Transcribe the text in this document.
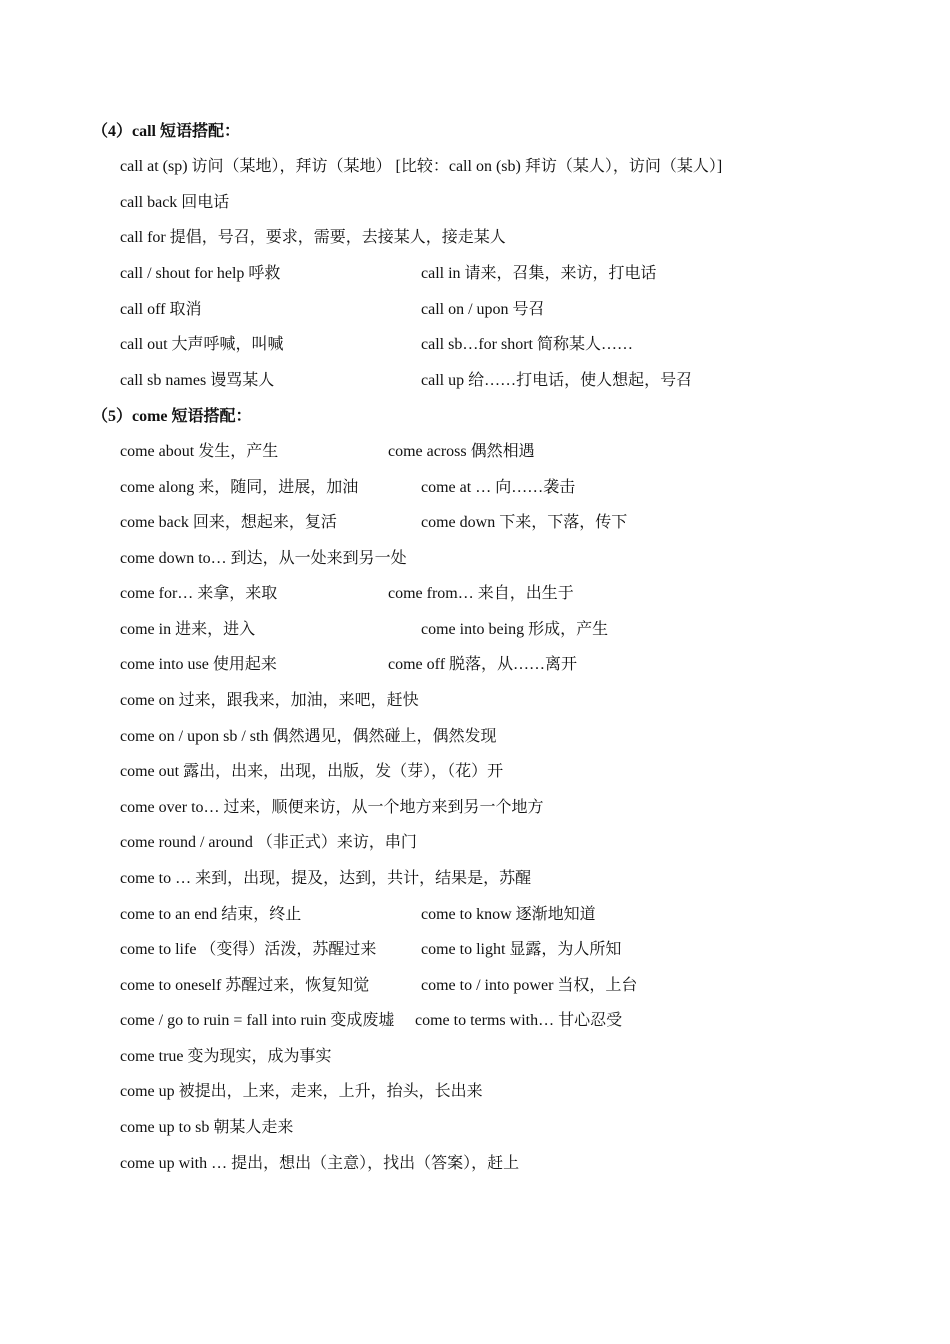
（4）call 短语搭配：
call at (sp) 访问（某地），拜访（某地） [比较：call on (sb) 拜访（某人），访问（某人）]
call back 回电话
call for 提倡，号召，要求，需要，去接某人，接走某人
call / shout for help 呼救	call in 请来，召集，来访，打电话
call off 取消	call on / upon 号召
call out 大声呼喊，叫喊	call sb…for short 简称某人……
call sb names 谩骂某人	call up 给……打电话，使人想起，号召
（5）come 短语搭配：
come about 发生，产生	come across 偶然相遇
come along 来，随同，进展，加油	come at … 向……袭击
come back 回来，想起来，复活	come down 下来，下落，传下
come down to… 到达，从一处来到另一处
come for… 来拿，来取	come from… 来自，出生于
come in 进来，进入	come into being 形成，产生
come into use 使用起来	come off 脱落，从……离开
come on 过来，跟我来，加油，来吧，赶快
come on / upon sb / sth 偶然遇见，偶然碰上，偶然发现
come out 露出，出来，出现，出版，发（芽），（花）开
come over to… 过来，顺便来访，从一个地方来到另一个地方
come round / around （非正式）来访，串门
come to … 来到，出现，提及，达到，共计，结果是，苏醒
come to an end 结束，终止	come to know 逐渐地知道
come to life （变得）活泼，苏醒过来	come to light 显露，为人所知
come to oneself 苏醒过来，恢复知觉	come to / into power 当权，上台
come / go to ruin = fall into ruin 变成废墟 come to terms with… 甘心忍受
come true 变为现实，成为事实
come up 被提出，上来，走来，上升，抬头，长出来
come up to sb 朝某人走来
come up with … 提出，想出（主意），找出（答案），赶上
